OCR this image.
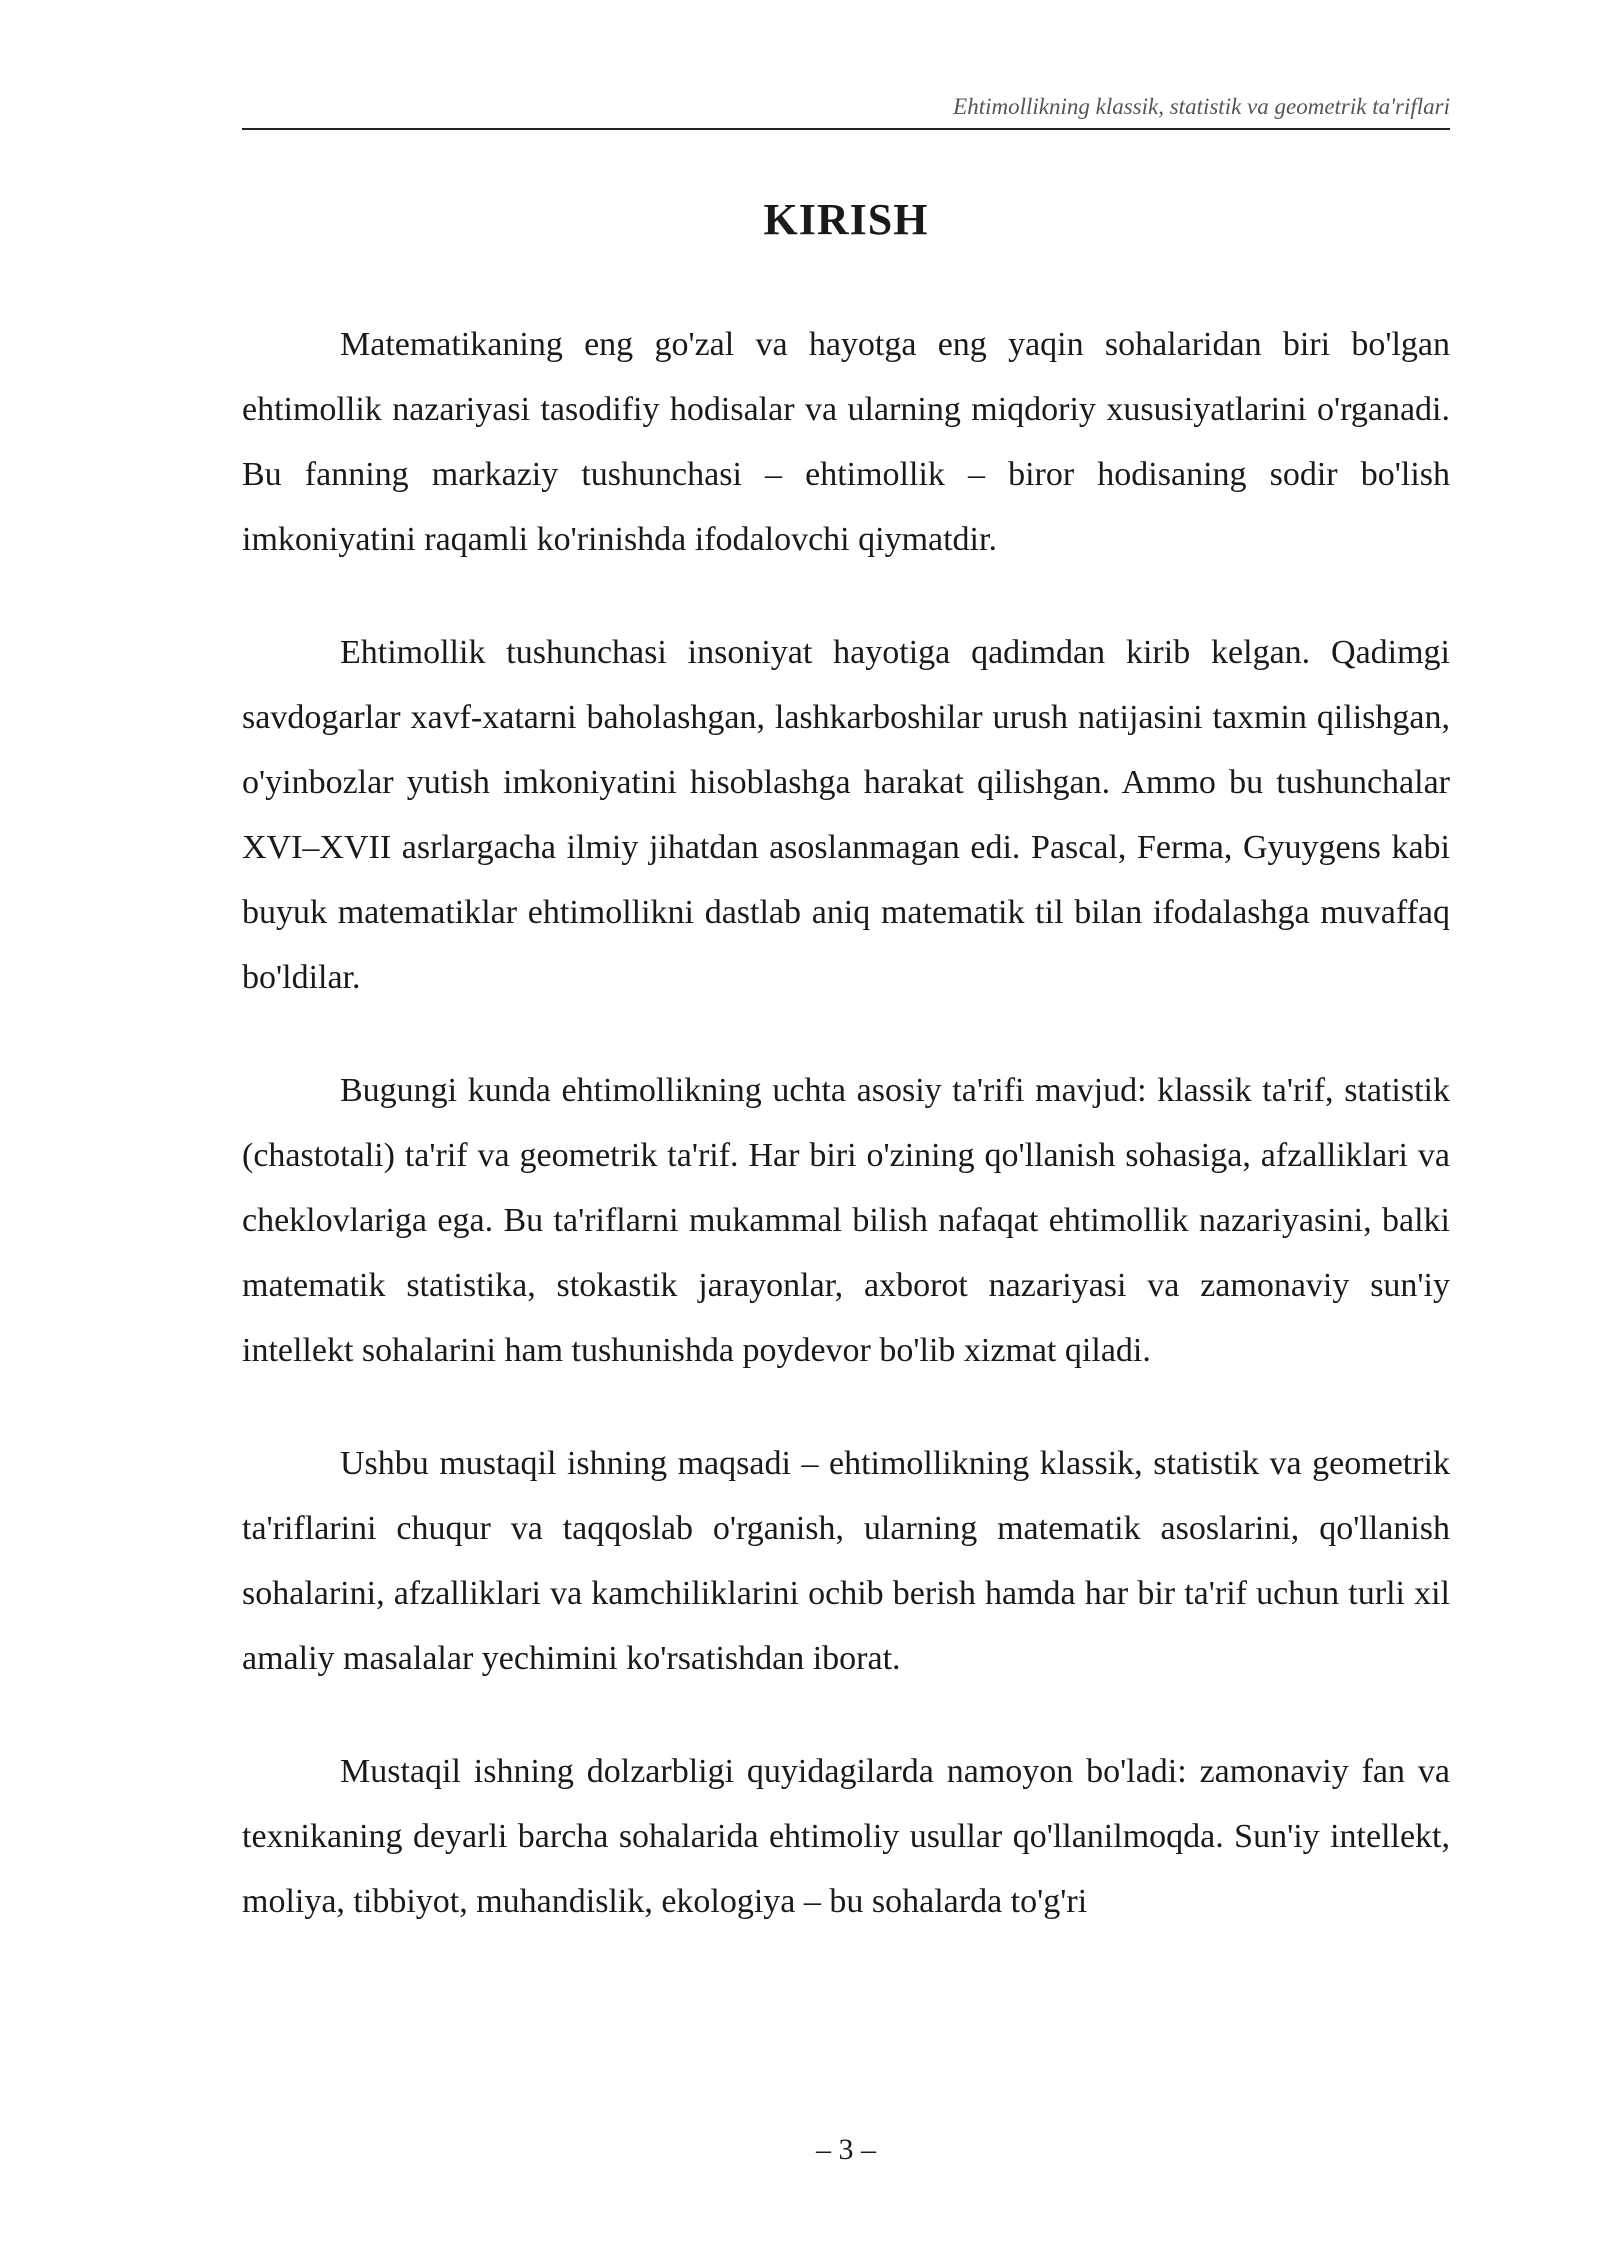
Ehtimollikning klassik, statistik va geometrik ta'riflari
KIRISH

Matematikaning eng go'zal va hayotga eng yaqin sohalaridan biri bo'lgan ehtimollik nazariyasi tasodifiy hodisalar va ularning miqdoriy xususiyatlarini o'rganadi. Bu fanning markaziy tushunchasi – ehtimollik – biror hodisaning sodir bo'lish imkoniyatini raqamli ko'rinishda ifodalovchi qiymatdir.

Ehtimollik tushunchasi insoniyat hayotiga qadimdan kirib kelgan. Qadimgi savdogarlar xavf-xatarni baholashgan, lashkarboshilar urush natijasini taxmin qilishgan, o'yinbozlar yutish imkoniyatini hisoblashga harakat qilishgan. Ammo bu tushunchalar XVI–XVII asrlargacha ilmiy jihatdan asoslanmagan edi. Pascal, Ferma, Gyuygens kabi buyuk matematiklar ehtimollikni dastlab aniq matematik til bilan ifodalashga muvaffaq bo'ldilar.

Bugungi kunda ehtimollikning uchta asosiy ta'rifi mavjud: klassik ta'rif, statistik (chastotali) ta'rif va geometrik ta'rif. Har biri o'zining qo'llanish sohasiga, afzalliklari va cheklovlariga ega. Bu ta'riflarni mukammal bilish nafaqat ehtimollik nazariyasini, balki matematik statistika, stokastik jarayonlar, axborot nazariyasi va zamonaviy sun'iy intellekt sohalarini ham tushunishda poydevor bo'lib xizmat qiladi.

Ushbu mustaqil ishning maqsadi – ehtimollikning klassik, statistik va geometrik ta'riflarini chuqur va taqqoslab o'rganish, ularning matematik asoslarini, qo'llanish sohalarini, afzalliklari va kamchiliklarini ochib berish hamda har bir ta'rif uchun turli xil amaliy masalalar yechimini ko'rsatishdan iborat.

Mustaqil ishning dolzarbligi quyidagilarda namoyon bo'ladi: zamonaviy fan va texnikaning deyarli barcha sohalarida ehtimoliy usullar qo'llanilmoqda. Sun'iy intellekt, moliya, tibbiyot, muhandislik, ekologiya – bu sohalarda to'g'ri

– 3 –
